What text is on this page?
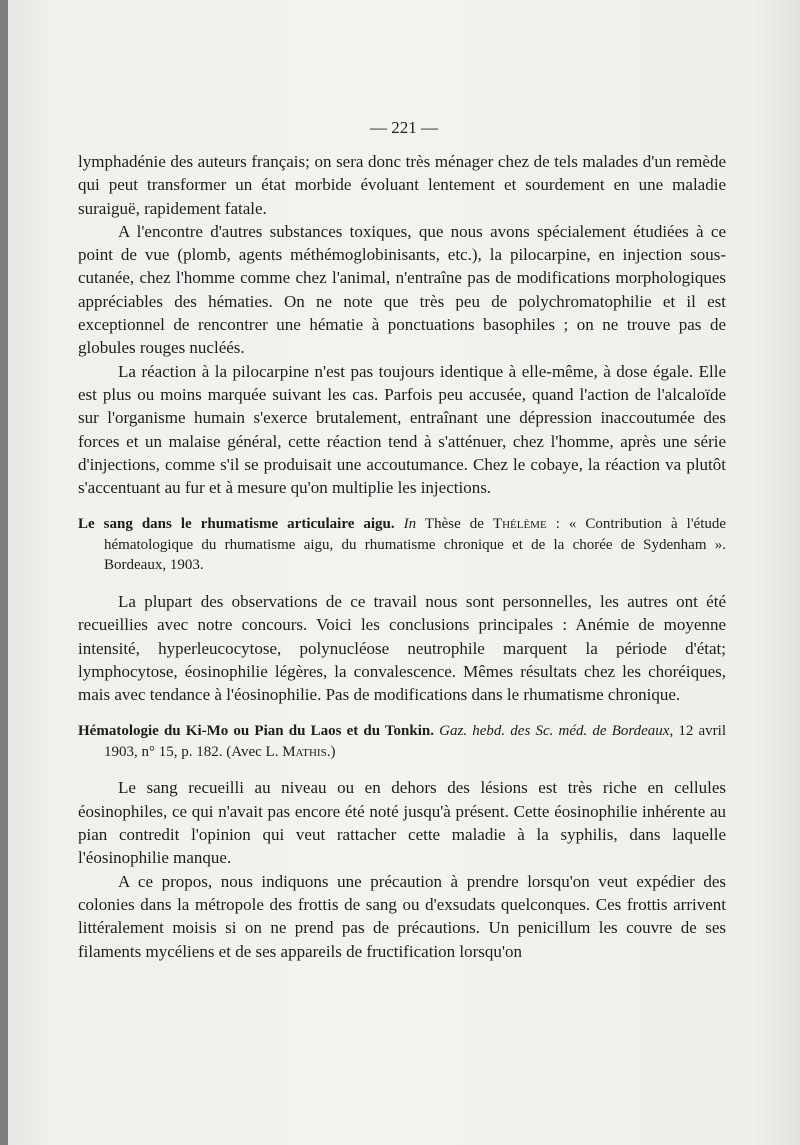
— 221 —

lymphadénie des auteurs français; on sera donc très ménager chez de tels malades d'un remède qui peut transformer un état morbide évoluant lentement et sourdement en une maladie suraiguë, rapidement fatale.

A l'encontre d'autres substances toxiques, que nous avons spécialement étudiées à ce point de vue (plomb, agents méthémoglobinisants, etc.), la pilocarpine, en injection sous-cutanée, chez l'homme comme chez l'animal, n'entraîne pas de modifications morphologiques appréciables des hématies. On ne note que très peu de polychromatophilie et il est exceptionnel de rencontrer une hématie à ponctuations basophiles ; on ne trouve pas de globules rouges nucléés.

La réaction à la pilocarpine n'est pas toujours identique à elle-même, à dose égale. Elle est plus ou moins marquée suivant les cas. Parfois peu accusée, quand l'action de l'alcaloïde sur l'organisme humain s'exerce brutalement, entraînant une dépression inaccoutumée des forces et un malaise général, cette réaction tend à s'atténuer, chez l'homme, après une série d'injections, comme s'il se produisait une accoutumance. Chez le cobaye, la réaction va plutôt s'accentuant au fur et à mesure qu'on multiplie les injections.

Le sang dans le rhumatisme articulaire aigu. In Thèse de Thélème : « Contribution à l'étude hématologique du rhumatisme aigu, du rhumatisme chronique et de la chorée de Sydenham ». Bordeaux, 1903.

La plupart des observations de ce travail nous sont personnelles, les autres ont été recueillies avec notre concours. Voici les conclusions principales : Anémie de moyenne intensité, hyperleucocytose, polynucléose neutrophile marquent la période d'état; lymphocytose, éosinophilie légères, la convalescence. Mêmes résultats chez les choréiques, mais avec tendance à l'éosinophilie. Pas de modifications dans le rhumatisme chronique.

Hématologie du Ki-Mo ou Pian du Laos et du Tonkin. Gaz. hebd. des Sc. méd. de Bordeaux, 12 avril 1903, n° 15, p. 182. (Avec L. Mathis.)

Le sang recueilli au niveau ou en dehors des lésions est très riche en cellules éosinophiles, ce qui n'avait pas encore été noté jusqu'à présent. Cette éosinophilie inhérente au pian contredit l'opinion qui veut rattacher cette maladie à la syphilis, dans laquelle l'éosinophilie manque.

A ce propos, nous indiquons une précaution à prendre lorsqu'on veut expédier des colonies dans la métropole des frottis de sang ou d'exsudats quelconques. Ces frottis arrivent littéralement moisis si on ne prend pas de précautions. Un penicillum les couvre de ses filaments mycéliens et de ses appareils de fructification lorsqu'on
